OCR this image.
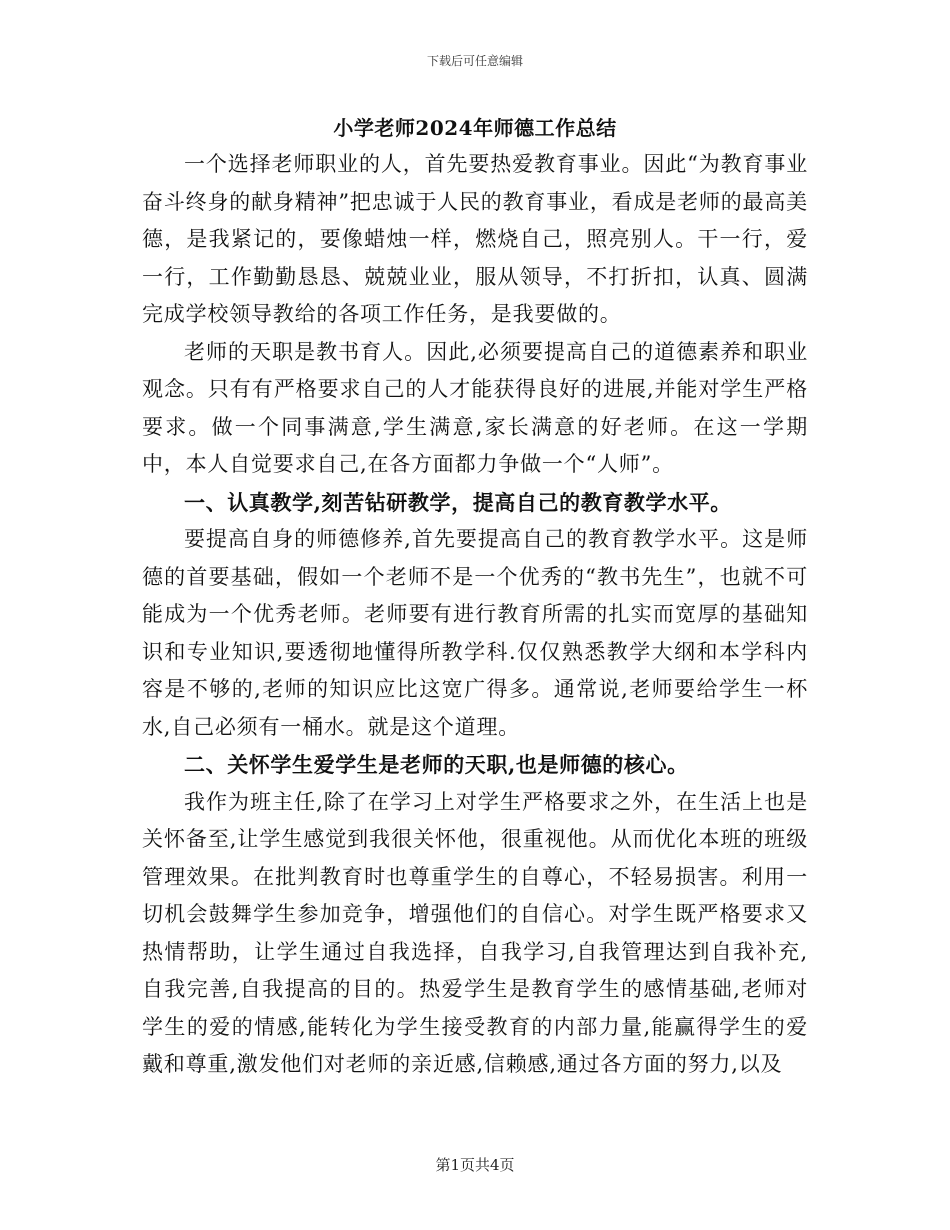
下载后可任意编辑
小学老师2024年师德工作总结

一个选择老师职业的人，首先要热爱教育事业。因此“为教育事业奋斗终身的献身精神”把忠诚于人民的教育事业，看成是老师的最高美德，是我紧记的，要像蜡烛一样，燃烧自己，照亮别人。干一行，爱一行，工作勤勤恳恳、兢兢业业，服从领导，不打折扣，认真、圆满完成学校领导教给的各项工作任务，是我要做的。

老师的天职是教书育人。因此,必须要提高自己的道德素养和职业观念。只有有严格要求自己的人才能获得良好的进展,并能对学生严格要求。做一个同事满意,学生满意,家长满意的好老师。在这一学期中，本人自觉要求自己,在各方面都力争做一个“人师”。

一、认真教学,刻苦钻研教学，提高自己的教育教学水平。

要提高自身的师德修养,首先要提高自己的教育教学水平。这是师德的首要基础，假如一个老师不是一个优秀的“教书先生”，也就不可能成为一个优秀老师。老师要有进行教育所需的扎实而宽厚的基础知识和专业知识,要透彻地懂得所教学科.仅仅熟悉教学大纲和本学科内容是不够的,老师的知识应比这宽广得多。通常说,老师要给学生一杯水,自己必须有一桶水。就是这个道理。

二、关怀学生爱学生是老师的天职,也是师德的核心。

我作为班主任,除了在学习上对学生严格要求之外，在生活上也是关怀备至,让学生感觉到我很关怀他，很重视他。从而优化本班的班级管理效果。在批判教育时也尊重学生的自尊心，不轻易损害。利用一切机会鼓舞学生参加竞争，增强他们的自信心。对学生既严格要求又热情帮助，让学生通过自我选择，自我学习,自我管理达到自我补充,自我完善,自我提高的目的。热爱学生是教育学生的感情基础,老师对学生的爱的情感,能转化为学生接受教育的内部力量,能赢得学生的爱戴和尊重,激发他们对老师的亲近感,信赖感,通过各方面的努力,以及

第1页共4页
